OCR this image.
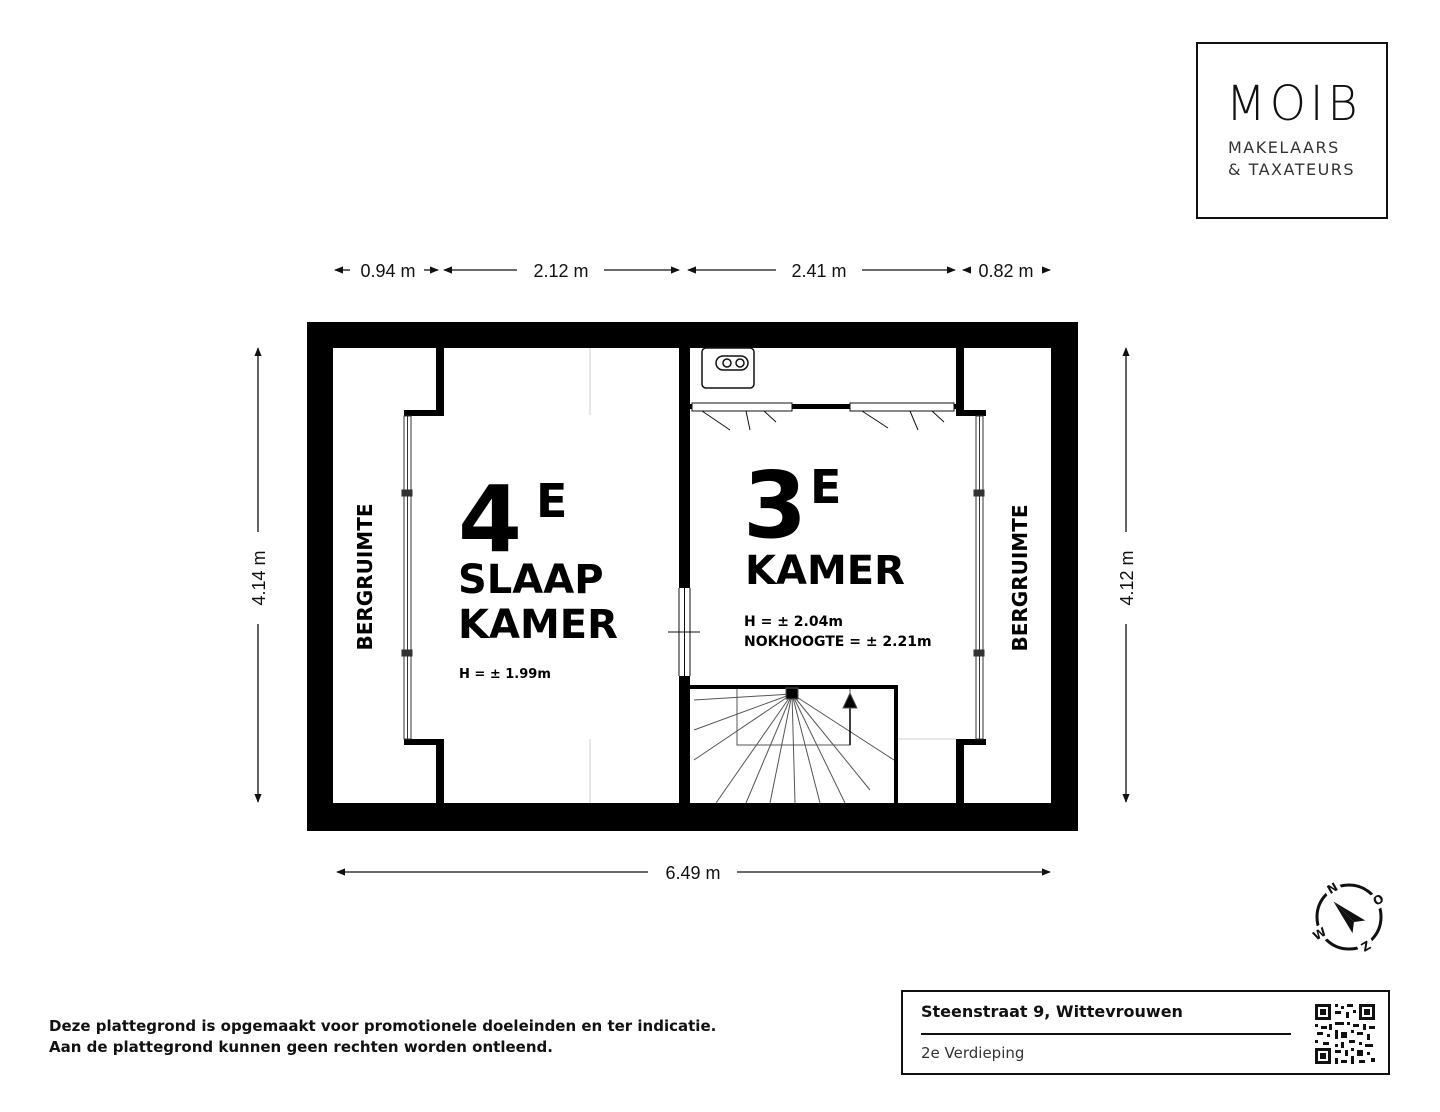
MOIB
MAKELAARS
& TAXATEURS
0.94 m	2.12 m	2.41 m	0.82 m
4.14 m	4.12 m
6.49 m
BERGRUIMTE	BERGRUIMTE
4 E
SLAAP
KAMER
H = ± 1.99m
3 E
KAMER
H = ± 2.04m
NOKHOOGTE = ± 2.21m
N
O
Z
W
Deze plattegrond is opgemaakt voor promotionele doeleinden en ter indicatie.
Aan de plattegrond kunnen geen rechten worden ontleend.
Steenstraat 9, Wittevrouwen
2e Verdieping
